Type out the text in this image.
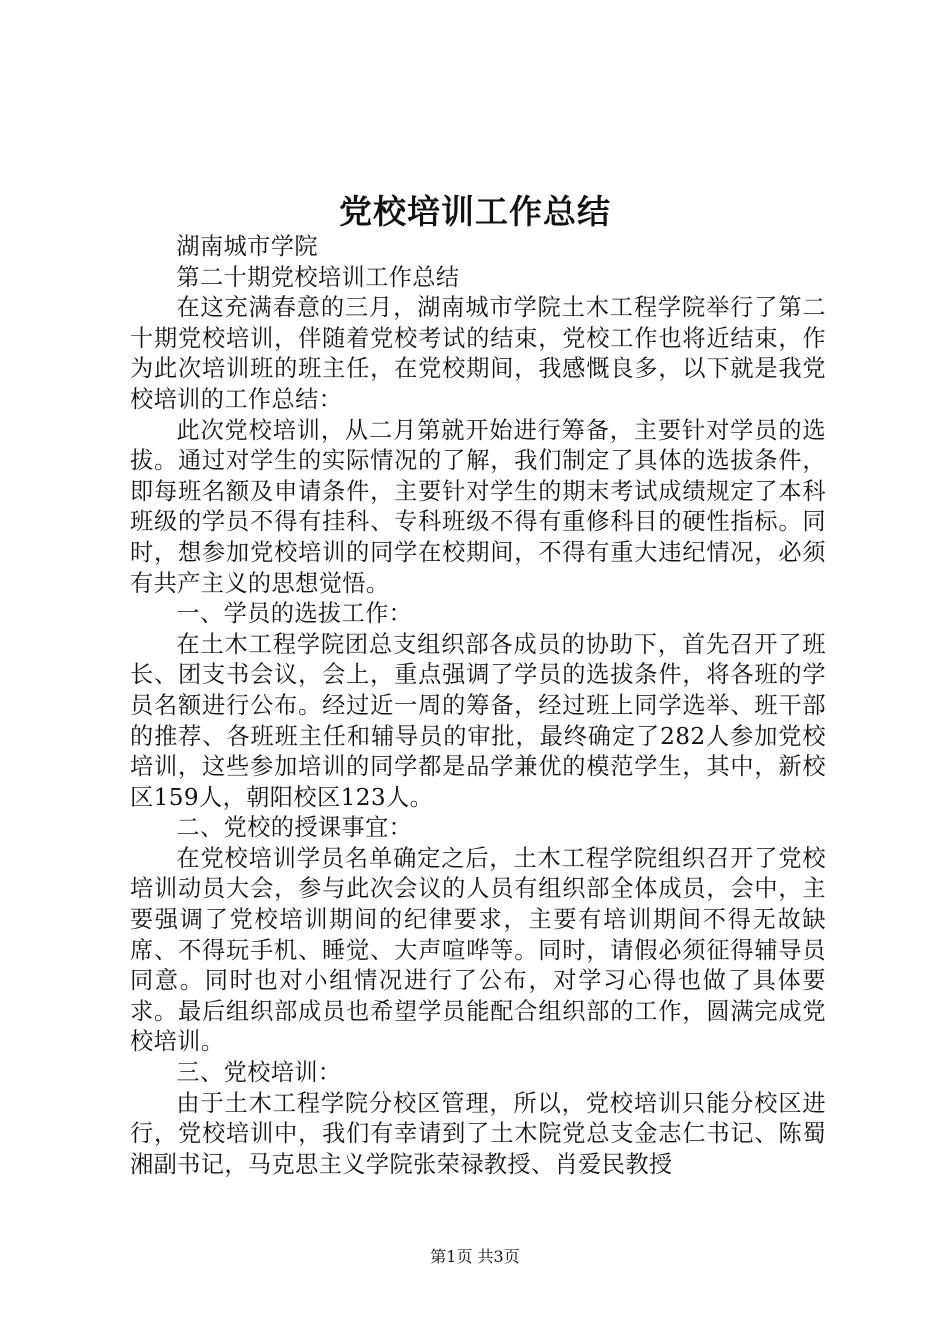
党校培训工作总结

湖南城市学院

第二十期党校培训工作总结

在这充满春意的三月，湖南城市学院土木工程学院举行了第二十期党校培训，伴随着党校考试的结束，党校工作也将近结束，作为此次培训班的班主任，在党校期间，我感慨良多，以下就是我党校培训的工作总结：

此次党校培训，从二月第就开始进行筹备，主要针对学员的选拔。通过对学生的实际情况的了解，我们制定了具体的选拔条件，即每班名额及申请条件，主要针对学生的期末考试成绩规定了本科班级的学员不得有挂科、专科班级不得有重修科目的硬性指标。同时，想参加党校培训的同学在校期间，不得有重大违纪情况，必须有共产主义的思想觉悟。

一、学员的选拔工作：

在土木工程学院团总支组织部各成员的协助下，首先召开了班长、团支书会议，会上，重点强调了学员的选拔条件，将各班的学员名额进行公布。经过近一周的筹备，经过班上同学选举、班干部的推荐、各班班主任和辅导员的审批，最终确定了282人参加党校培训，这些参加培训的同学都是品学兼优的模范学生，其中，新校区159人，朝阳校区123人。

二、党校的授课事宜：

在党校培训学员名单确定之后，土木工程学院组织召开了党校培训动员大会，参与此次会议的人员有组织部全体成员，会中，主要强调了党校培训期间的纪律要求，主要有培训期间不得无故缺席、不得玩手机、睡觉、大声喧哗等。同时，请假必须征得辅导员同意。同时也对小组情况进行了公布，对学习心得也做了具体要求。最后组织部成员也希望学员能配合组织部的工作，圆满完成党校培训。

三、党校培训：

由于土木工程学院分校区管理，所以，党校培训只能分校区进行，党校培训中，我们有幸请到了土木院党总支金志仁书记、陈蜀湘副书记，马克思主义学院张荣禄教授、肖爱民教授

第1页 共3页
